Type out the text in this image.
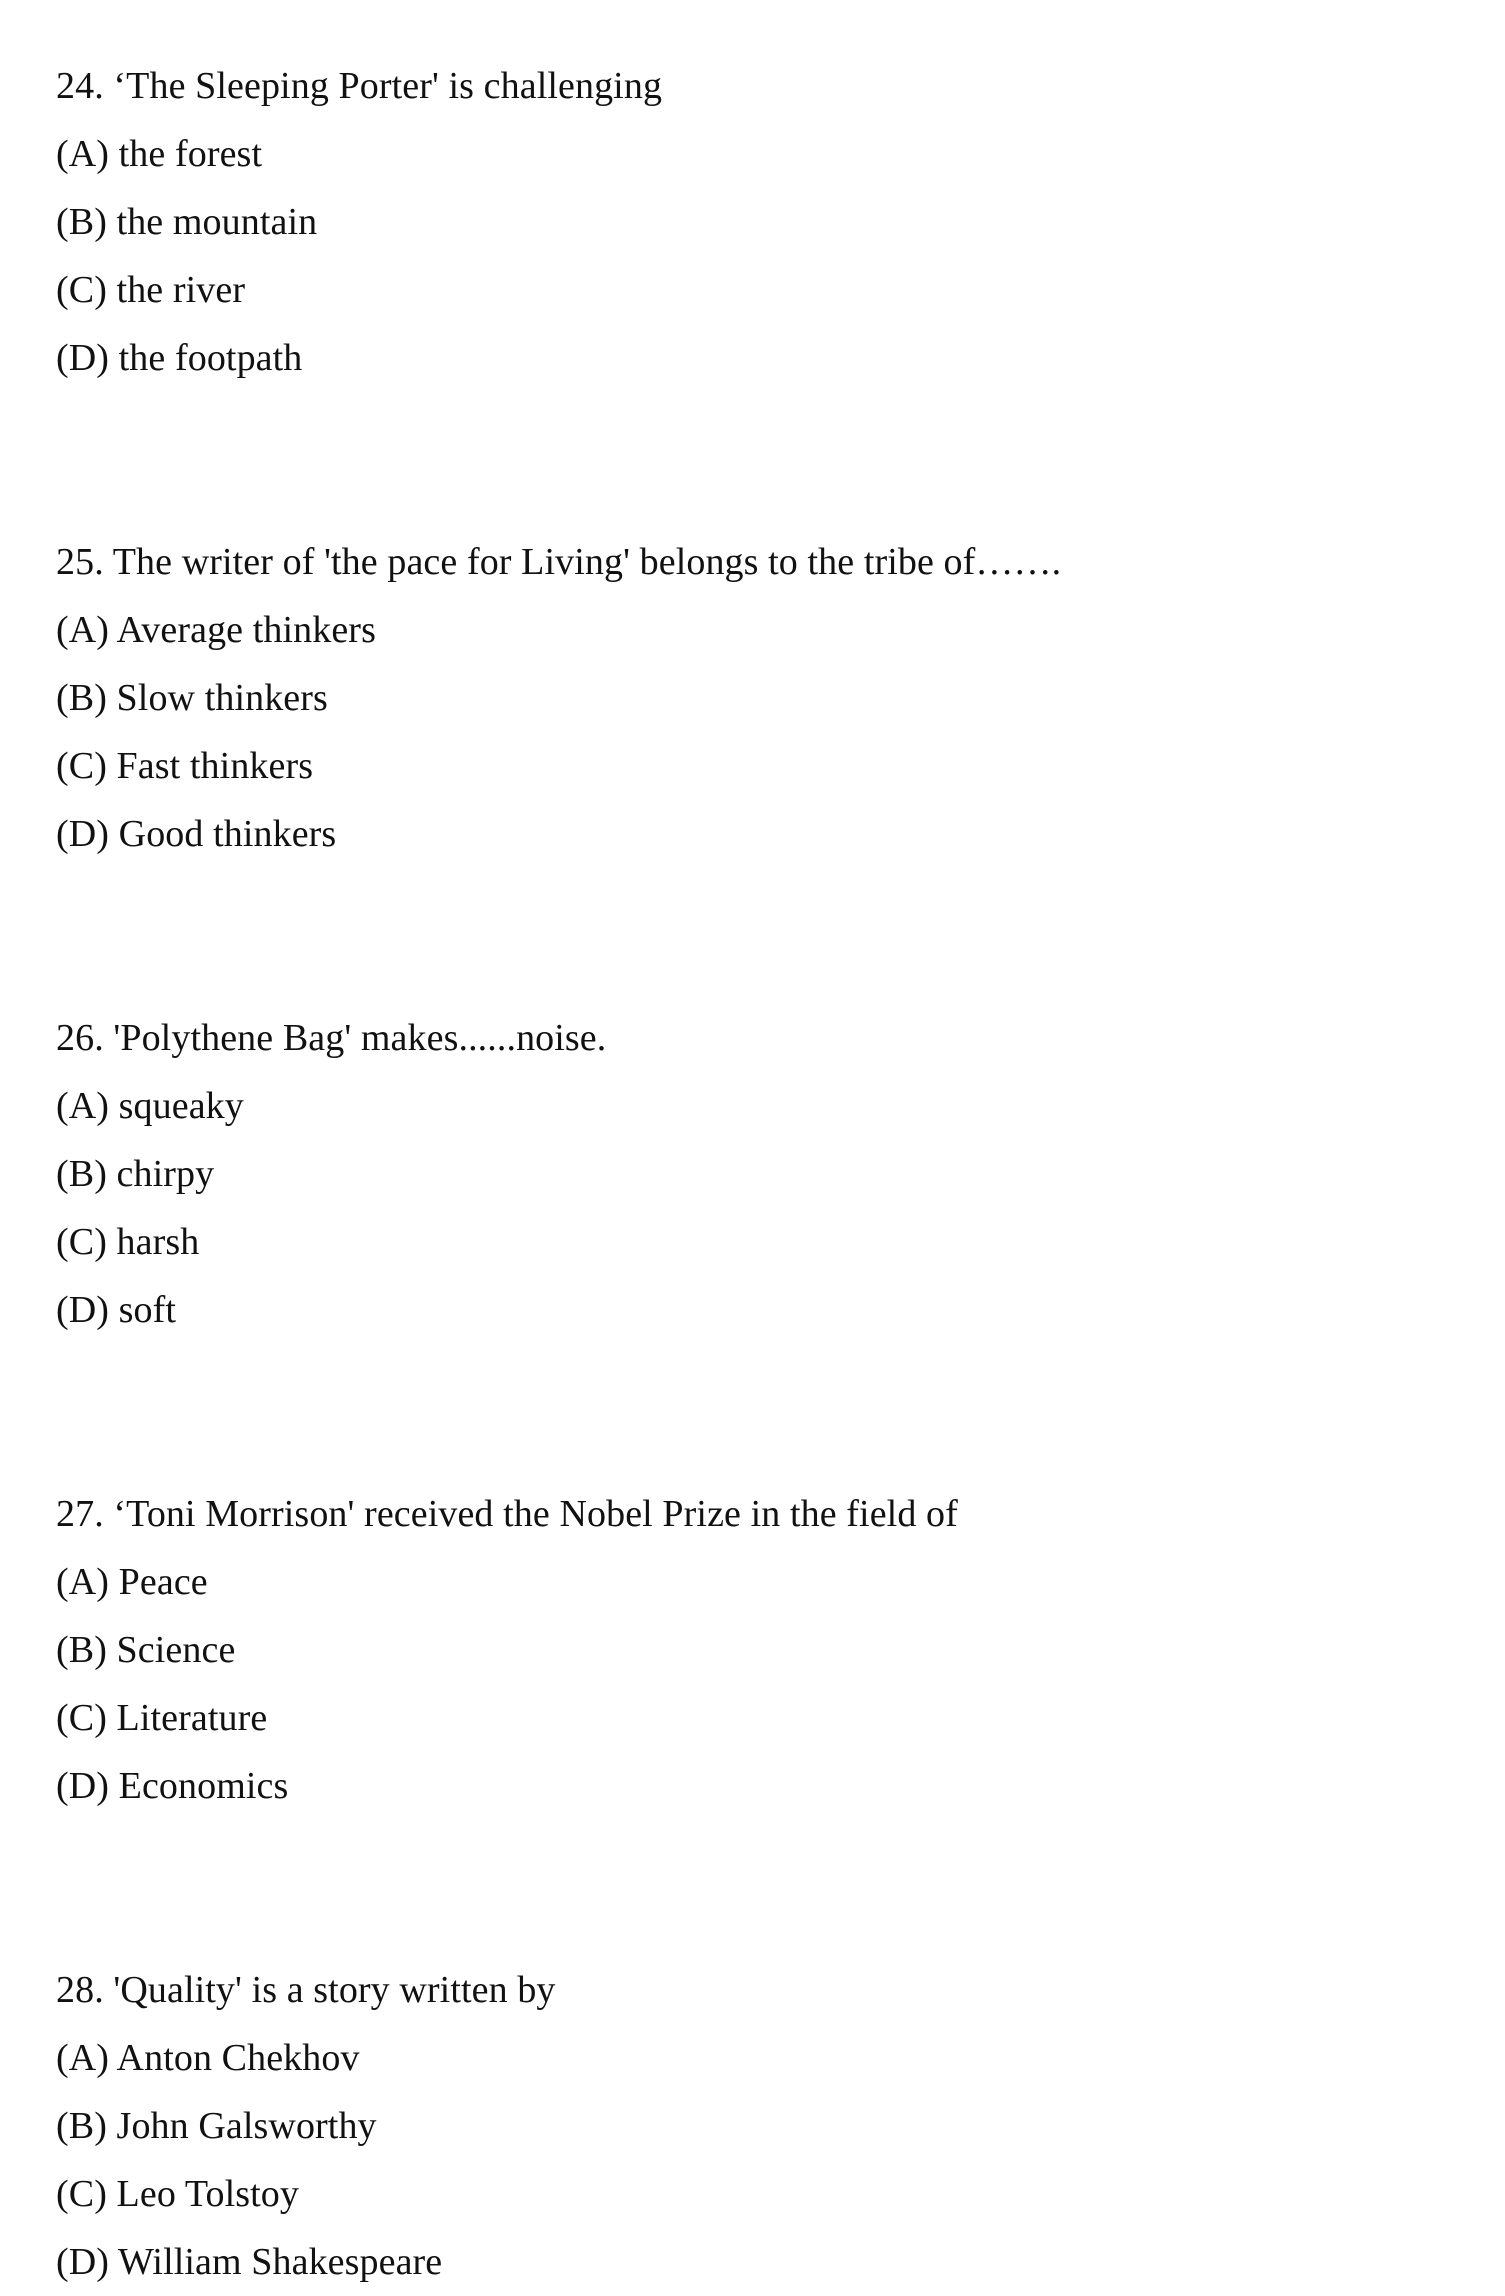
24. ‘The Sleeping Porter' is challenging
(A) the forest
(B) the mountain
(C) the river
(D) the footpath
25. The writer of 'the pace for Living' belongs to the tribe of…….
(A) Average thinkers
(B) Slow thinkers
(C) Fast thinkers
(D) Good thinkers
26. 'Polythene Bag' makes......noise.
(A) squeaky
(B) chirpy
(C) harsh
(D) soft
27. ‘Toni Morrison' received the Nobel Prize in the field of
(A) Peace
(B) Science
(C) Literature
(D) Economics
28. 'Quality' is a story written by
(A) Anton Chekhov
(B) John Galsworthy
(C) Leo Tolstoy
(D) William Shakespeare
